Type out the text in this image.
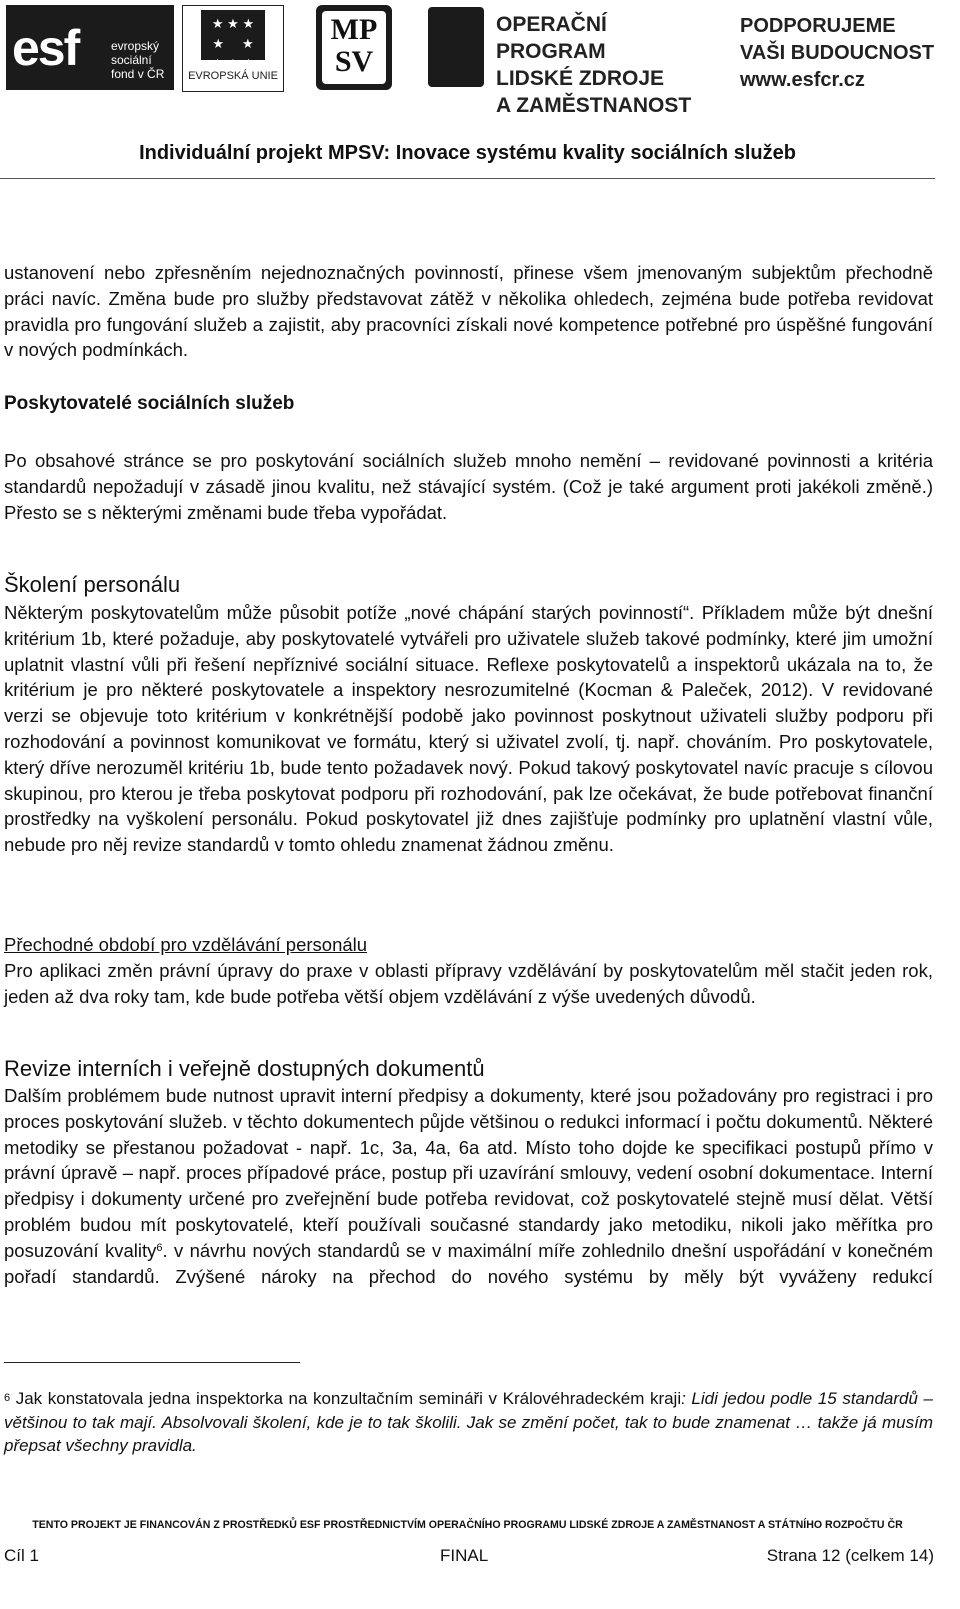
esf	evropský
sociální
fond v ČR
★ ★ ★
★     ★
★ ★ ★
EVROPSKÁ UNIE
MP
SV
OPERAČNÍ PROGRAM
LIDSKÉ ZDROJE
A ZAMĚSTNANOST
PODPORUJEME
VAŠI BUDOUCNOST
www.esfcr.cz
Individuální projekt MPSV: Inovace systému kvality sociálních služeb

ustanovení nebo zpřesněním nejednoznačných povinností, přinese všem jmenovaným subjektům přechodně práci navíc. Změna bude pro služby představovat zátěž v několika ohledech, zejména bude potřeba revidovat pravidla pro fungování služeb a zajistit, aby pracovníci získali nové kompetence potřebné pro úspěšné fungování v nových podmínkách.

Poskytovatelé sociálních služeb

Po obsahové stránce se pro poskytování sociálních služeb mnoho nemění – revidované povinnosti a kritéria standardů nepožadují v zásadě jinou kvalitu, než stávající systém. (Což je také argument proti jakékoli změně.) Přesto se s některými změnami bude třeba vypořádat.

Školení personálu

Některým poskytovatelům může působit potíže „nové chápání starých povinností“. Příkladem může být dnešní kritérium 1b, které požaduje, aby poskytovatelé vytvářeli pro uživatele služeb takové podmínky, které jim umožní uplatnit vlastní vůli při řešení nepříznivé sociální situace. Reflexe poskytovatelů a inspektorů ukázala na to, že kritérium je pro některé poskytovatele a inspektory nesrozumitelné (Kocman & Paleček, 2012). V revidované verzi se objevuje toto kritérium v konkrétnější podobě jako povinnost poskytnout uživateli služby podporu při rozhodování a povinnost komunikovat ve formátu, který si uživatel zvolí, tj. např. chováním. Pro poskytovatele, který dříve nerozuměl kritériu 1b, bude tento požadavek nový. Pokud takový poskytovatel navíc pracuje s cílovou skupinou, pro kterou je třeba poskytovat podporu při rozhodování, pak lze očekávat, že bude potřebovat finanční prostředky na vyškolení personálu. Pokud poskytovatel již dnes zajišťuje podmínky pro uplatnění vlastní vůle, nebude pro něj revize standardů v tomto ohledu znamenat žádnou změnu.

Přechodné období pro vzdělávání personálu

Pro aplikaci změn právní úpravy do praxe v oblasti přípravy vzdělávání by poskytovatelům měl stačit jeden rok, jeden až dva roky tam, kde bude potřeba větší objem vzdělávání z výše uvedených důvodů.

Revize interních i veřejně dostupných dokumentů

Dalším problémem bude nutnost upravit interní předpisy a dokumenty, které jsou požadovány pro registraci i pro proces poskytování služeb. v těchto dokumentech půjde většinou o redukci informací i počtu dokumentů. Některé metodiky se přestanou požadovat - např. 1c, 3a, 4a, 6a atd. Místo toho dojde ke specifikaci postupů přímo v právní úpravě – např. proces případové práce, postup při uzavírání smlouvy, vedení osobní dokumentace. Interní předpisy i dokumenty určené pro zveřejnění bude potřeba revidovat, což poskytovatelé stejně musí dělat. Větší problém budou mít poskytovatelé, kteří používali současné standardy jako metodiku, nikoli jako měřítka pro posuzování kvality$^6$. v návrhu nových standardů se v maximální míře zohlednilo dnešní uspořádání v konečném pořadí standardů. Zvýšené nároky na přechod do nového systému by měly být vyváženy redukcí

$^6$ Jak konstatovala jedna inspektorka na konzultačním semináři v Královéhradeckém kraji: Lidi jedou podle 15 standardů – většinou to tak mají. Absolvovali školení, kde je to tak školili. Jak se změní počet, tak to bude znamenat … takže já musím přepsat všechny pravidla.
TENTO PROJEKT JE FINANCOVÁN Z PROSTŘEDKŮ ESF PROSTŘEDNICTVÍM OPERAČNÍHO PROGRAMU LIDSKÉ ZDROJE A ZAMĚSTNANOST A STÁTNÍHO ROZPOČTU ČR
Cíl 1	FINAL	Strana 12 (celkem 14)
